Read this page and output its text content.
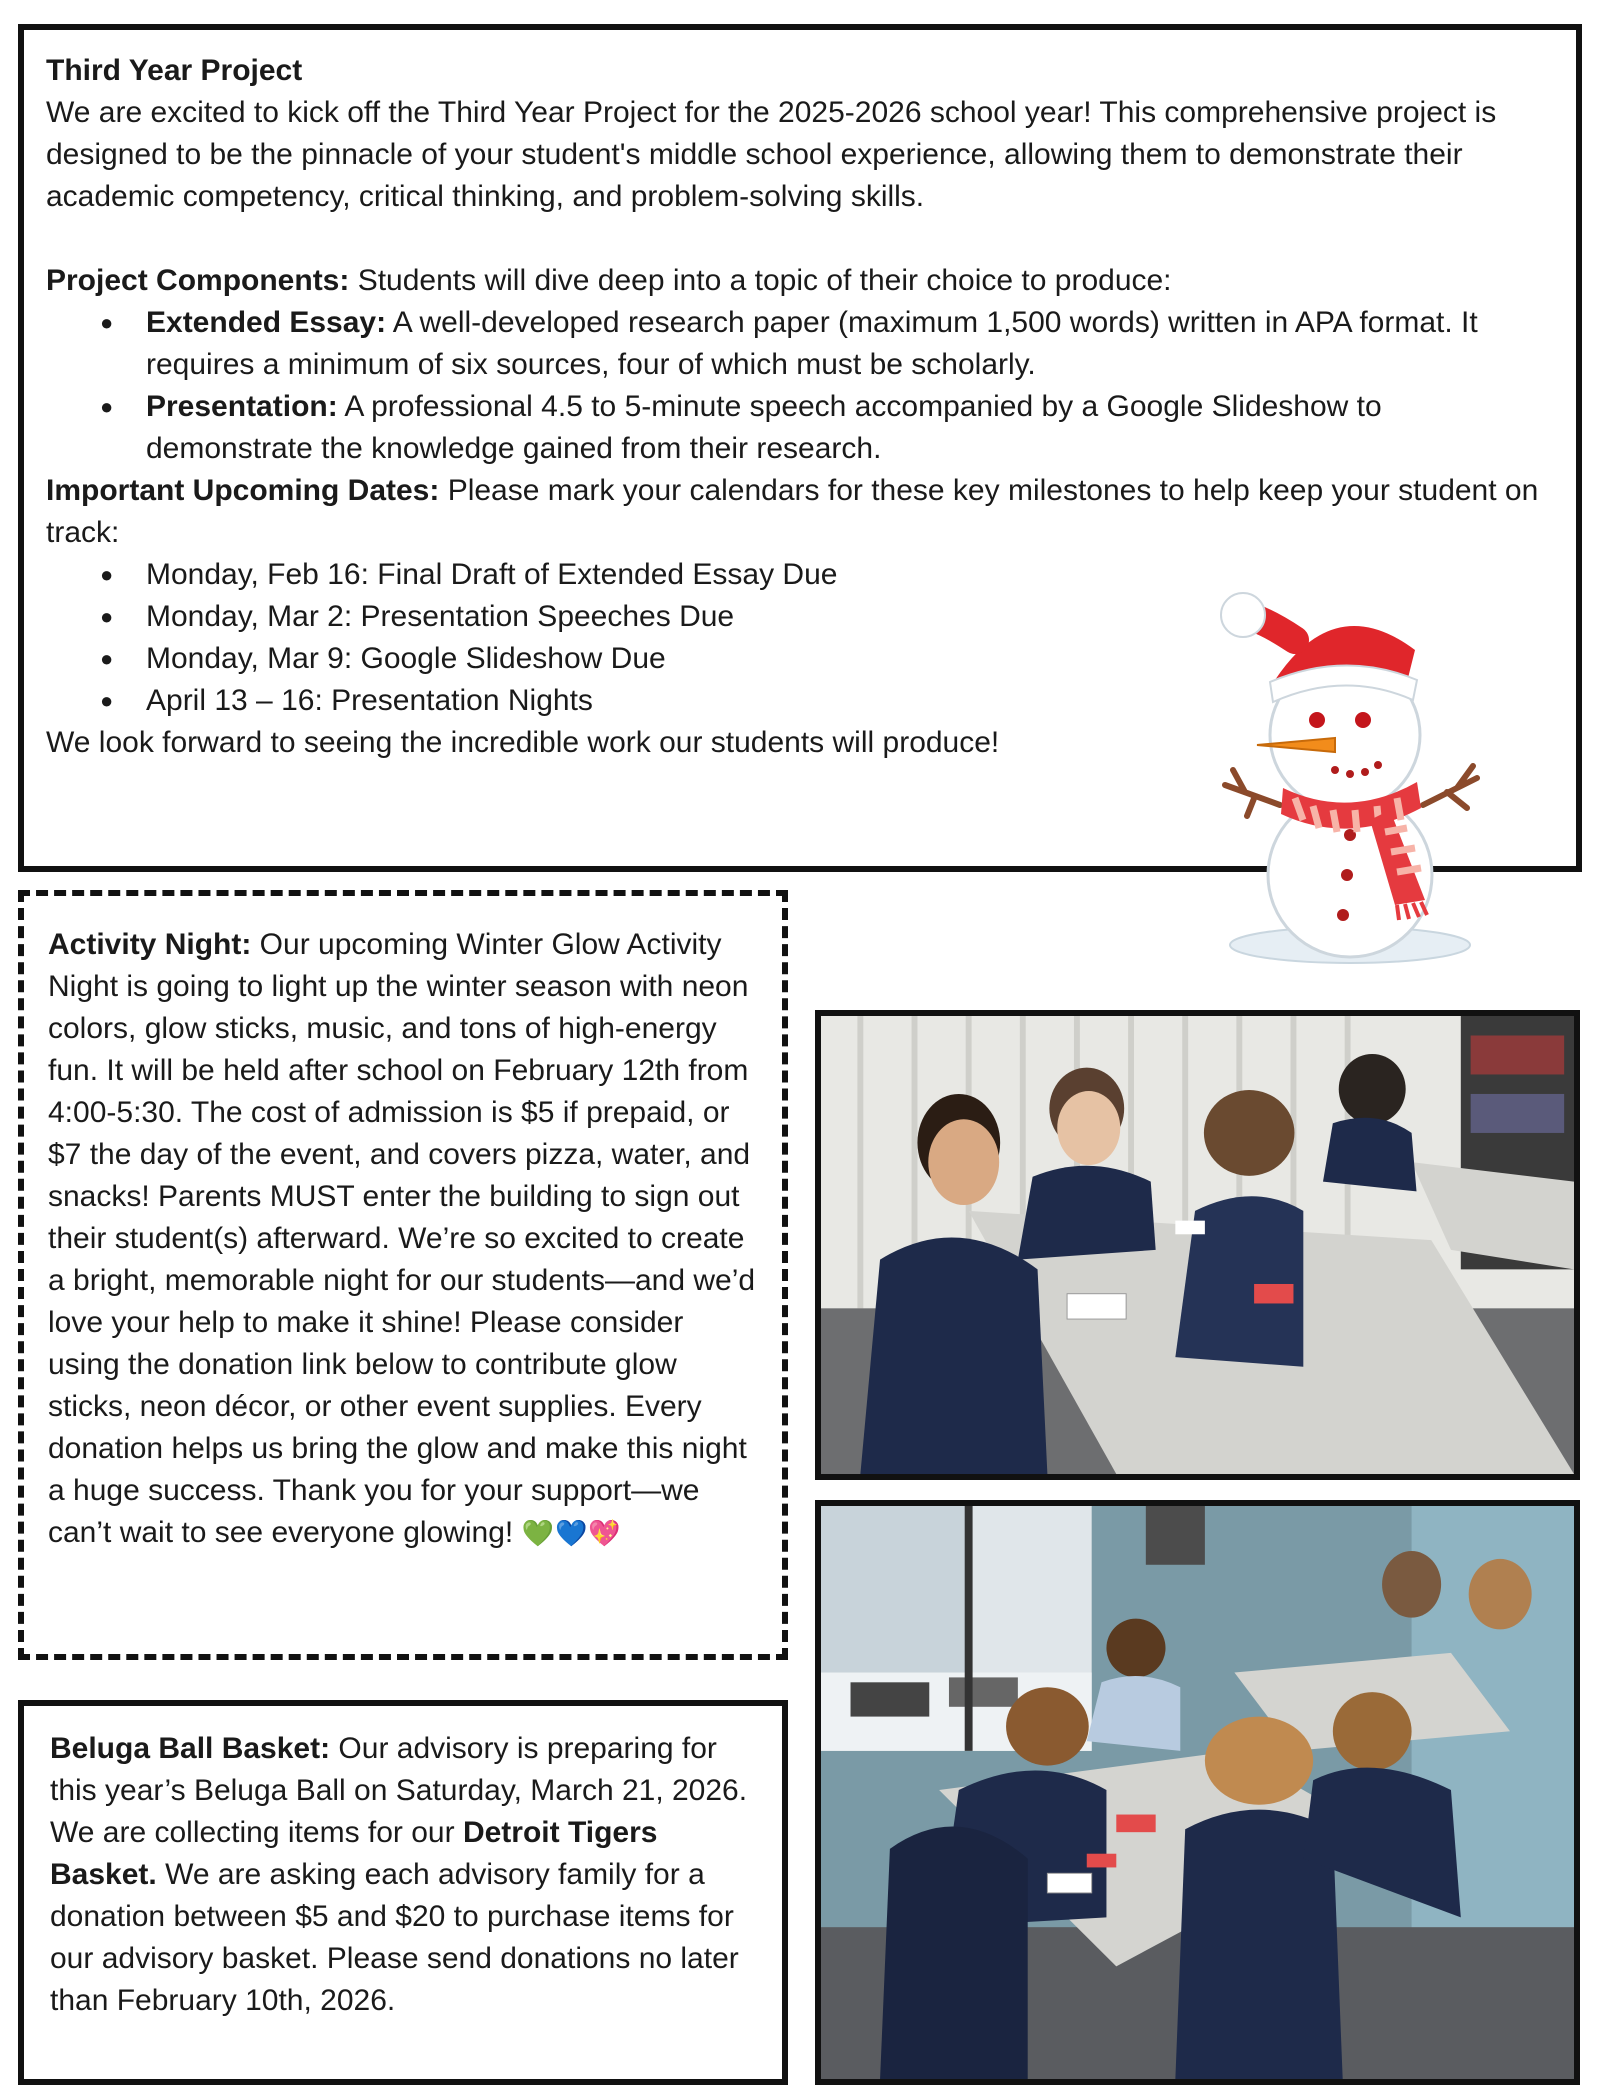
Third Year Project
We are excited to kick off the Third Year Project for the 2025-2026 school year! This comprehensive project is designed to be the pinnacle of your student's middle school experience, allowing them to demonstrate their academic competency, critical thinking, and problem-solving skills.
Project Components: Students will dive deep into a topic of their choice to produce:
● Extended Essay: A well-developed research paper (maximum 1,500 words) written in APA format. It requires a minimum of six sources, four of which must be scholarly.
● Presentation: A professional 4.5 to 5-minute speech accompanied by a Google Slideshow to demonstrate the knowledge gained from their research.
Important Upcoming Dates: Please mark your calendars for these key milestones to help keep your student on track:
● Monday, Feb 16: Final Draft of Extended Essay Due
● Monday, Mar 2: Presentation Speeches Due
● Monday, Mar 9: Google Slideshow Due
● April 13 – 16: Presentation Nights
We look forward to seeing the incredible work our students will produce!
Activity Night: Our upcoming Winter Glow Activity Night is going to light up the winter season with neon colors, glow sticks, music, and tons of high-energy fun. It will be held after school on February 12th from 4:00-5:30. The cost of admission is $5 if prepaid, or $7 the day of the event, and covers pizza, water, and snacks! Parents MUST enter the building to sign out their student(s) afterward. We’re so excited to create a bright, memorable night for our students—and we’d love your help to make it shine! Please consider using the donation link below to contribute glow sticks, neon décor, or other event supplies. Every donation helps us bring the glow and make this night a huge success. Thank you for your support—we can’t wait to see everyone glowing! 💚💙💖
Beluga Ball Basket: Our advisory is preparing for this year’s Beluga Ball on Saturday, March 21, 2026. We are collecting items for our Detroit Tigers Basket. We are asking each advisory family for a donation between $5 and $20 to purchase items for our advisory basket. Please send donations no later than February 10th, 2026.
